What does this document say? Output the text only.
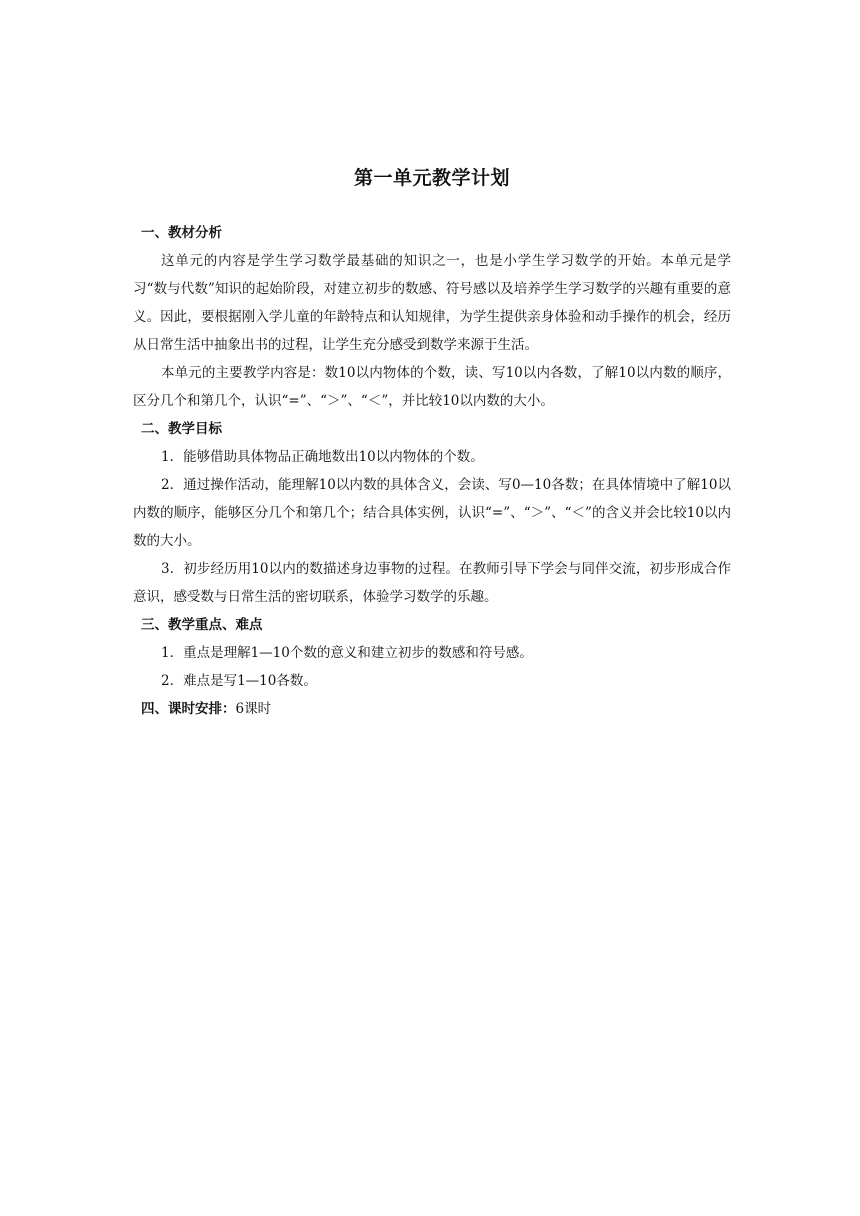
第一单元教学计划

一、教材分析

这单元的内容是学生学习数学最基础的知识之一，也是小学生学习数学的开始。本单元是学习“数与代数”知识的起始阶段，对建立初步的数感、符号感以及培养学生学习数学的兴趣有重要的意义。因此，要根据刚入学儿童的年龄特点和认知规律，为学生提供亲身体验和动手操作的机会，经历从日常生活中抽象出书的过程，让学生充分感受到数学来源于生活。

本单元的主要教学内容是：数10以内物体的个数，读、写10以内各数，了解10以内数的顺序，区分几个和第几个，认识“=”、“＞”、“＜”，并比较10以内数的大小。

二、教学目标

1．能够借助具体物品正确地数出10以内物体的个数。

2．通过操作活动，能理解10以内数的具体含义，会读、写0—10各数；在具体情境中了解10以内数的顺序，能够区分几个和第几个；结合具体实例，认识“=”、“＞”、“＜”的含义并会比较10以内数的大小。

3．初步经历用10以内的数描述身边事物的过程。在教师引导下学会与同伴交流，初步形成合作意识，感受数与日常生活的密切联系，体验学习数学的乐趣。

三、教学重点、难点

1．重点是理解1—10个数的意义和建立初步的数感和符号感。

2．难点是写1—10各数。

四、课时安排：6课时
